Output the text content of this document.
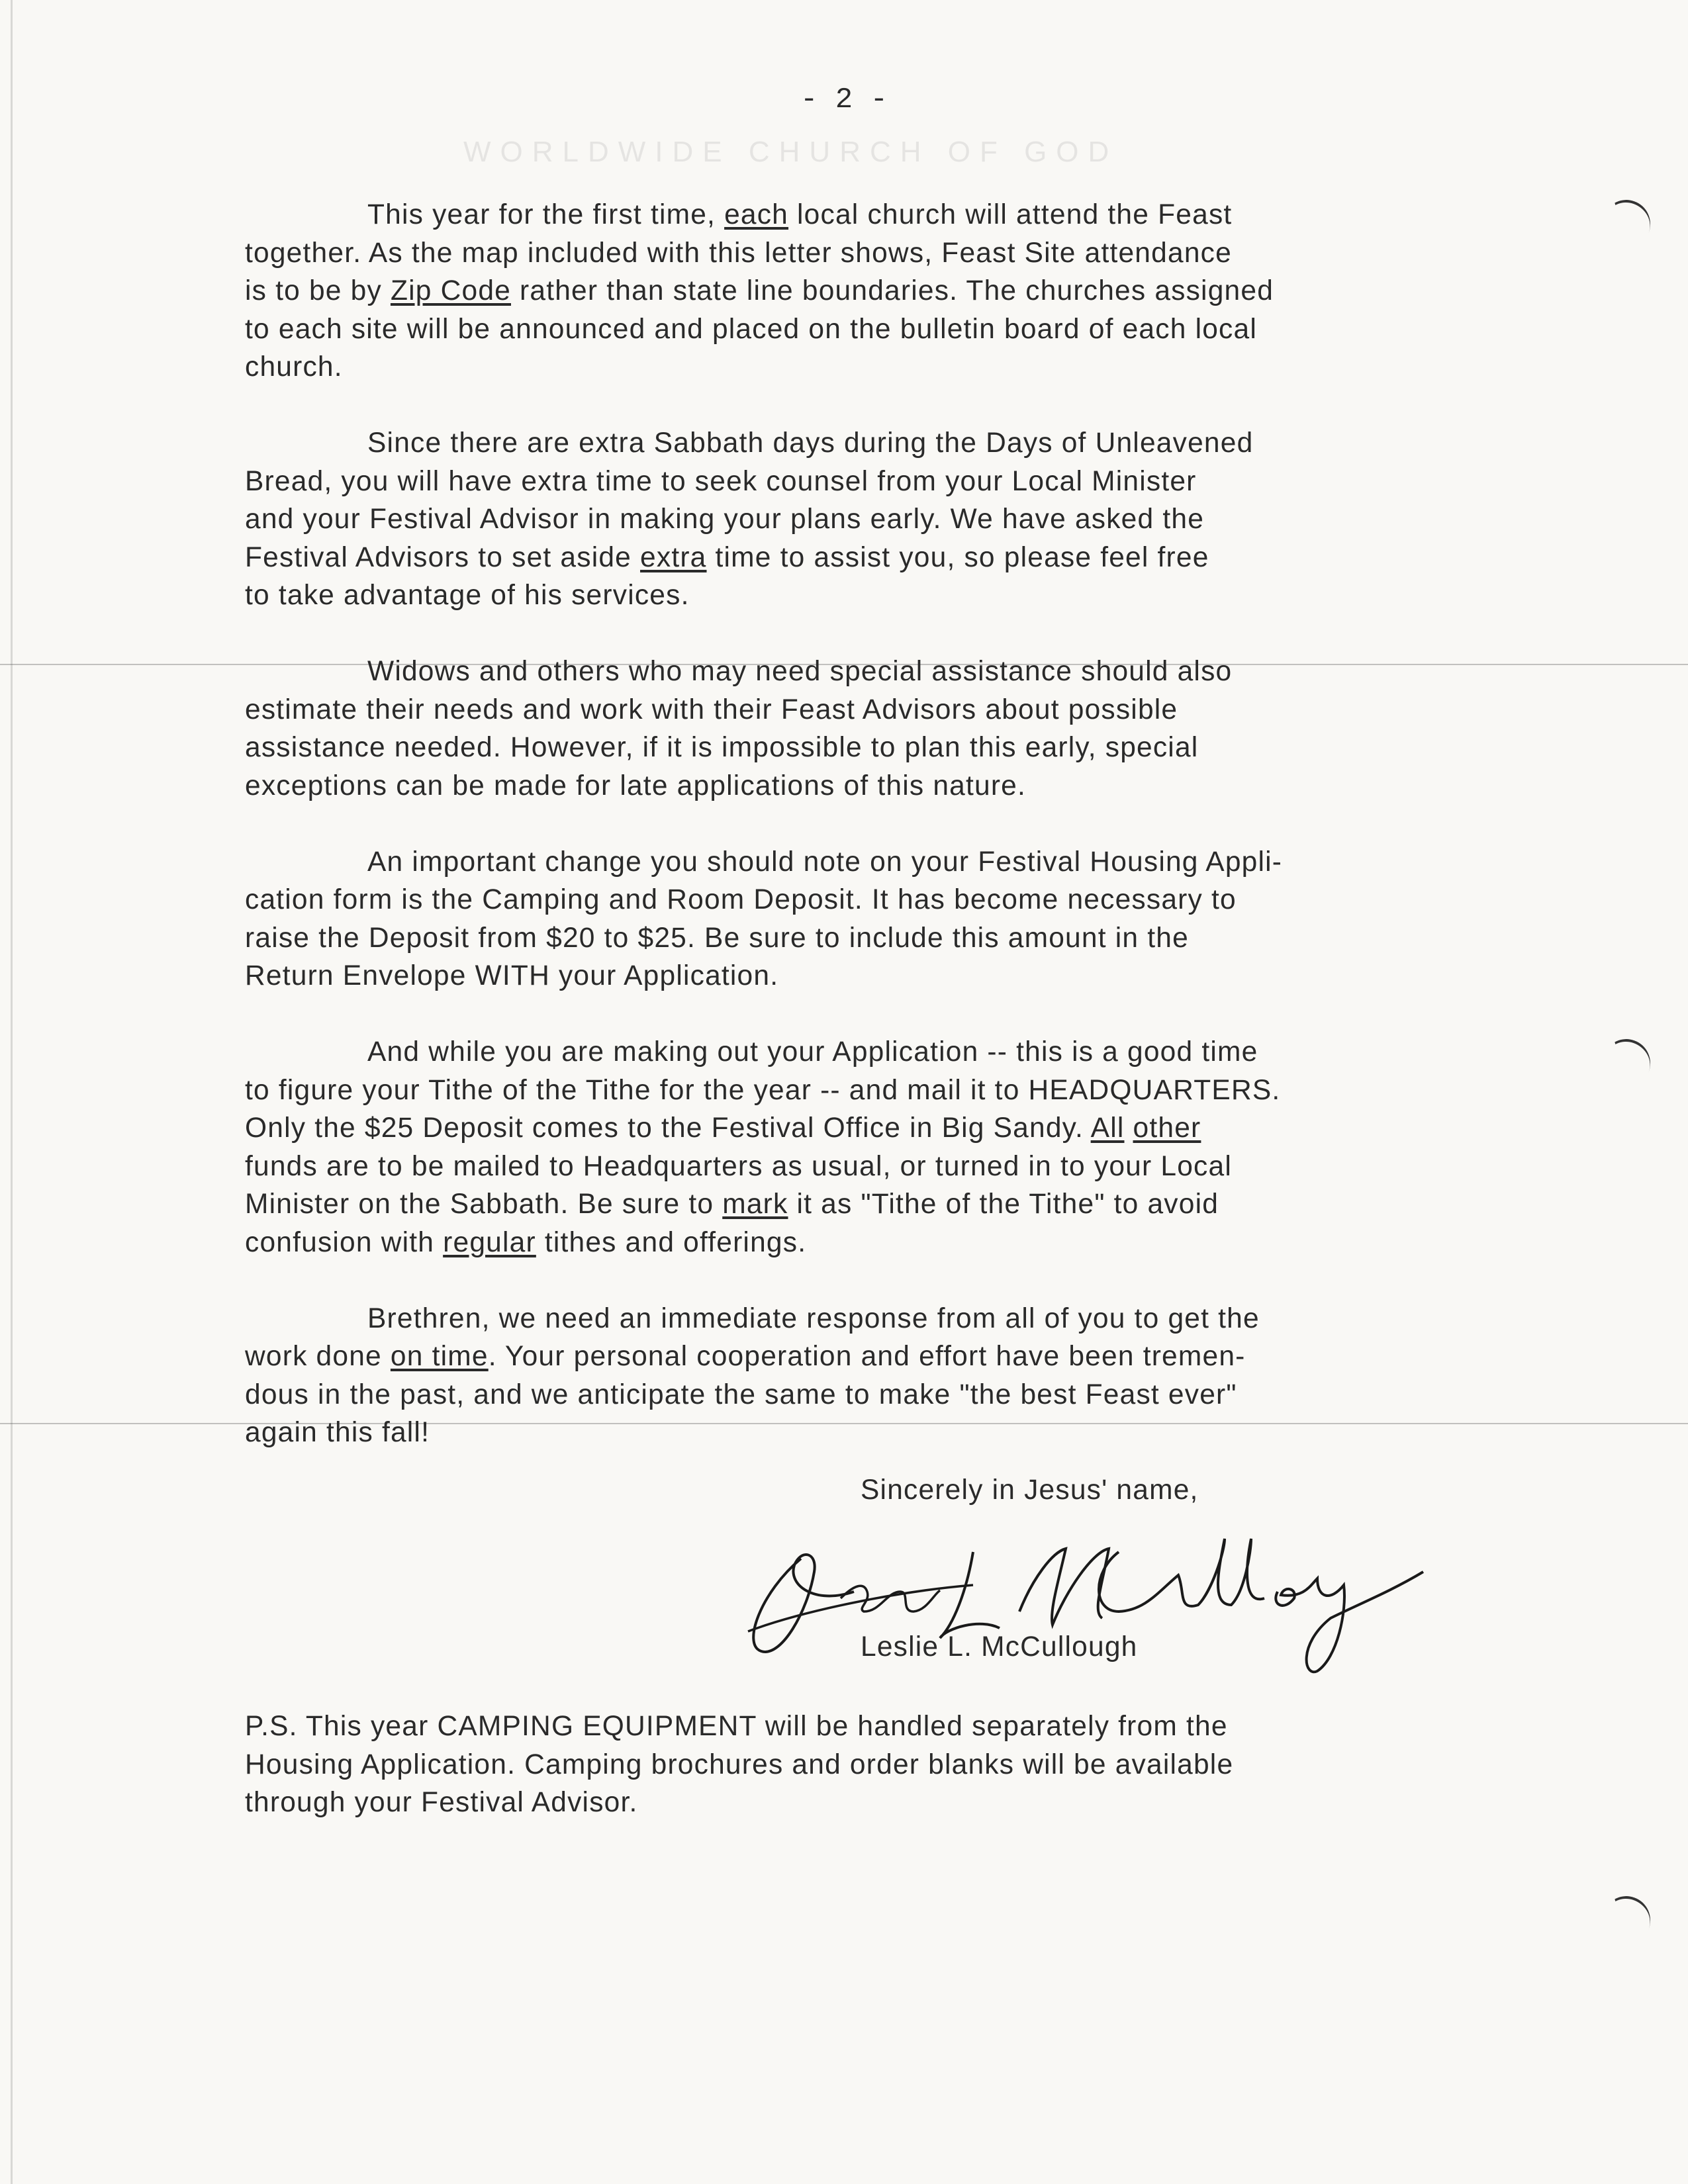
WORLDWIDE CHURCH OF GOD
- 2 -
This year for the first time, each local church will attend the Feast
together. As the map included with this letter shows, Feast Site attendance
is to be by Zip Code rather than state line boundaries. The churches assigned
to each site will be announced and placed on the bulletin board of each local
church.
Since there are extra Sabbath days during the Days of Unleavened
Bread, you will have extra time to seek counsel from your Local Minister
and your Festival Advisor in making your plans early. We have asked the
Festival Advisors to set aside extra time to assist you, so please feel free
to take advantage of his services.
Widows and others who may need special assistance should also
estimate their needs and work with their Feast Advisors about possible
assistance needed. However, if it is impossible to plan this early, special
exceptions can be made for late applications of this nature.
An important change you should note on your Festival Housing Appli-
cation form is the Camping and Room Deposit. It has become necessary to
raise the Deposit from $20 to $25. Be sure to include this amount in the
Return Envelope WITH your Application.
And while you are making out your Application -- this is a good time
to figure your Tithe of the Tithe for the year -- and mail it to HEADQUARTERS.
Only the $25 Deposit comes to the Festival Office in Big Sandy. All other
funds are to be mailed to Headquarters as usual, or turned in to your Local
Minister on the Sabbath. Be sure to mark it as "Tithe of the Tithe" to avoid
confusion with regular tithes and offerings.
Brethren, we need an immediate response from all of you to get the
work done on time. Your personal cooperation and effort have been tremen-
dous in the past, and we anticipate the same to make "the best Feast ever"
again this fall!
Sincerely in Jesus' name,
Leslie L. McCullough
P.S. This year CAMPING EQUIPMENT will be handled separately from the
Housing Application. Camping brochures and order blanks will be available
through your Festival Advisor.
